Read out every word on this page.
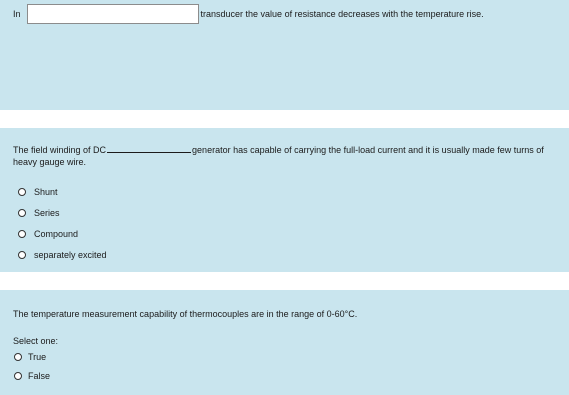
In	transducer the value of resistance decreases with the temperature rise.
The field winding of DC	generator has capable of carrying the full-load current and it is usually made few turns of heavy gauge wire.
Shunt
Series
Compound
separately excited
The temperature measurement capability of thermocouples are in the range of 0-60°C.
Select one:
True
False
